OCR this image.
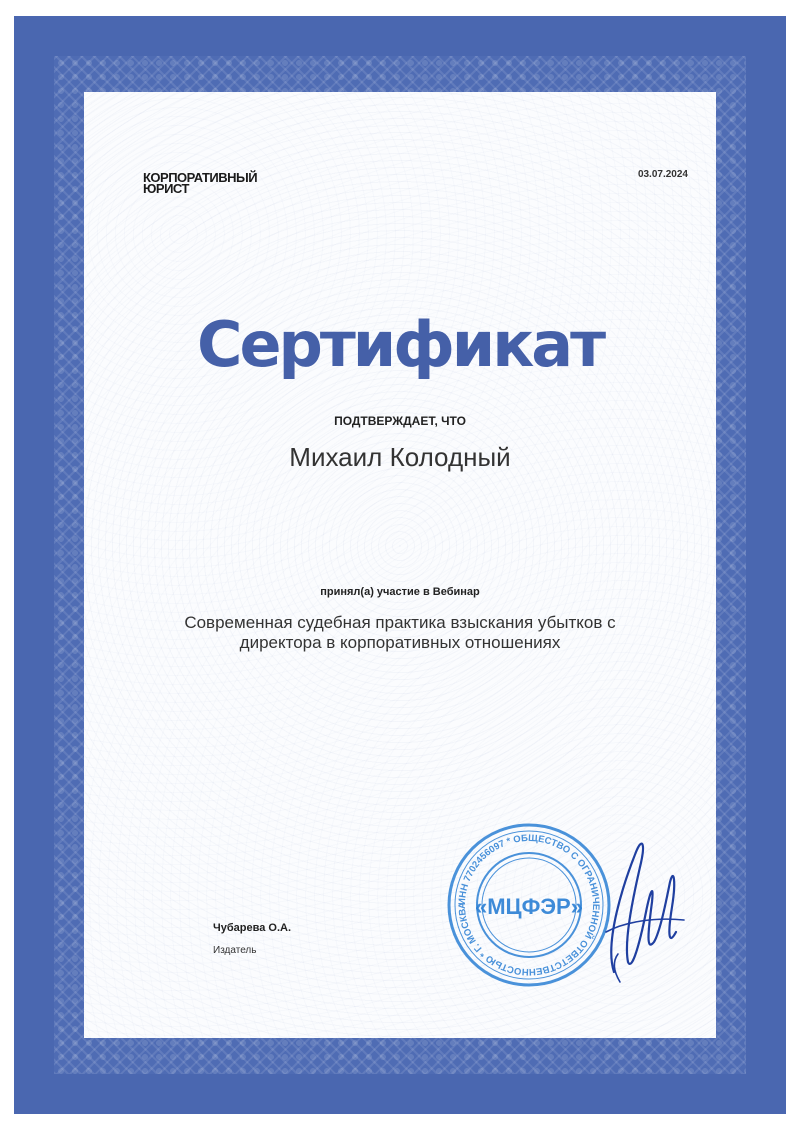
КОРПОРАТИВНЫЙ
ЮРИСТ
03.07.2024
Сертификат
ПОДТВЕРЖДАЕТ, ЧТО
Михаил Колодный
принял(а) участие в Вебинар
Современная судебная практика взыскания убытков с
директора в корпоративных отношениях
ИНН 7702456097 * ОБЩЕСТВО С ОГРАНИЧЕННОЙ ОТВЕТСТВЕННОСТЬЮ * Г. МОСКВА «МЦФЭР»
Чубарева О.А.
Издатель
